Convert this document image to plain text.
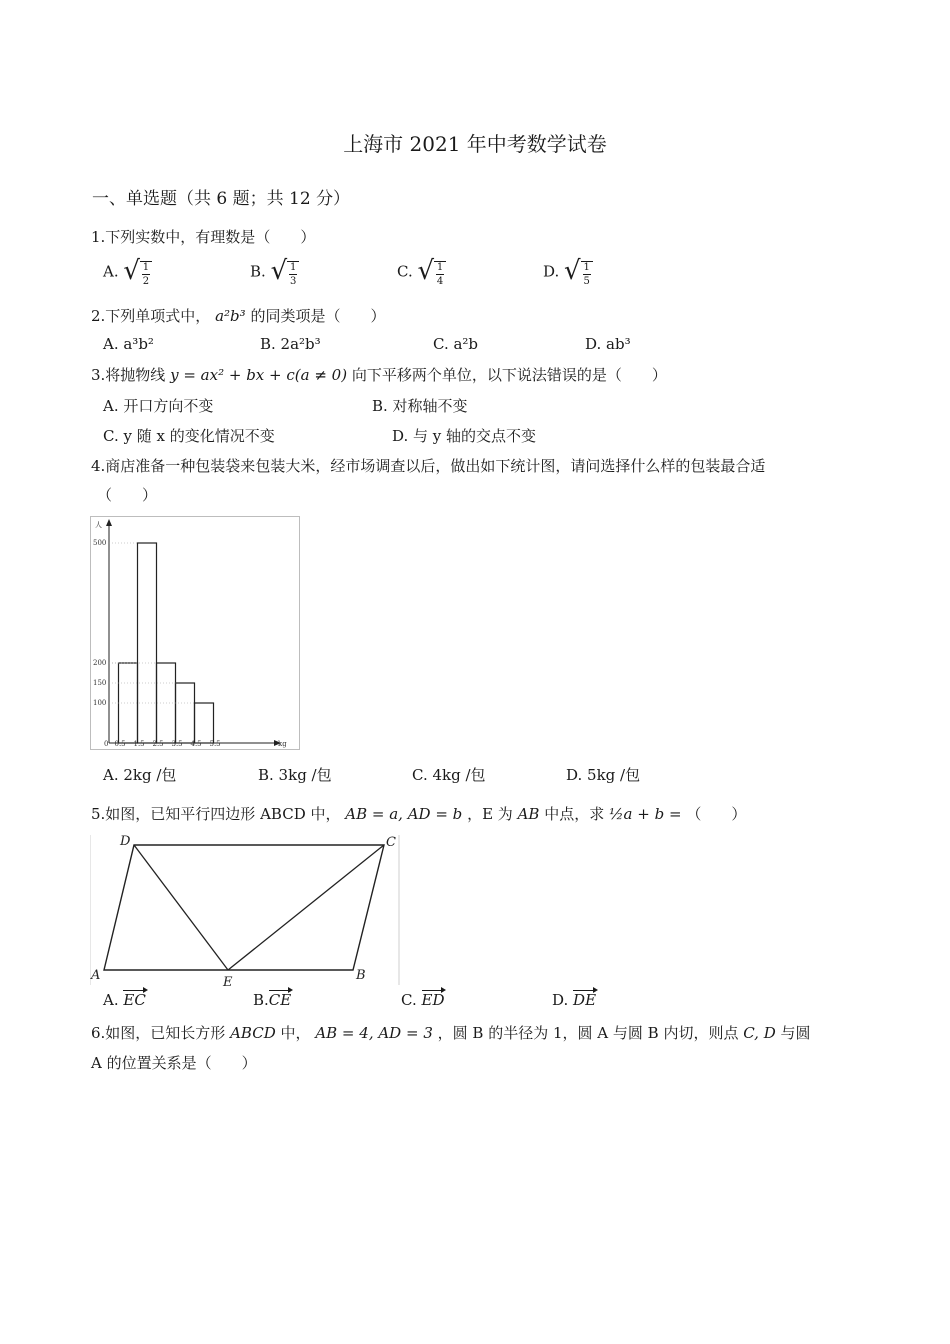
上海市 2021 年中考数学试卷
一、单选题（共 6 题；共 12 分）
1.下列实数中，有理数是（　　）
A. √ $\frac{1}{2}$	B. √ $\frac{1}{3}$	C. √ $\frac{1}{4}$	D. √ $\frac{1}{5}$
2.下列单项式中， a²b³ 的同类项是（　　）
A. a³b²	B. 2a²b³	C. a²b	D. ab³
3.将抛物线 y = ax² + bx + c(a ≠ 0) 向下平移两个单位，以下说法错误的是（　　）
A. 开口方向不变	B. 对称轴不变
C. y 随 x 的变化情况不变	D. 与 y 轴的交点不变
4.商店准备一种包装袋来包装大米，经市场调查以后，做出如下统计图，请问选择什么样的包装最合适
（　　）
人
kg
100
150
200
500
0 0.5 1.5 2.5 3.5 4.5 5.5
A. 2kg /包	B. 3kg /包	C. 4kg /包	D. 5kg /包
5.如图，已知平行四边形 ABCD 中， AB = a, AD = b ，E 为 AB 中点，求 ½a + b = （　　）
D	C
A	B
E
A. EC	B.CE	C. ED	D. DE
6.如图，已知长方形 ABCD 中， AB = 4, AD = 3 ，圆 B 的半径为 1，圆 A 与圆 B 内切，则点 C, D 与圆
A 的位置关系是（　　）
